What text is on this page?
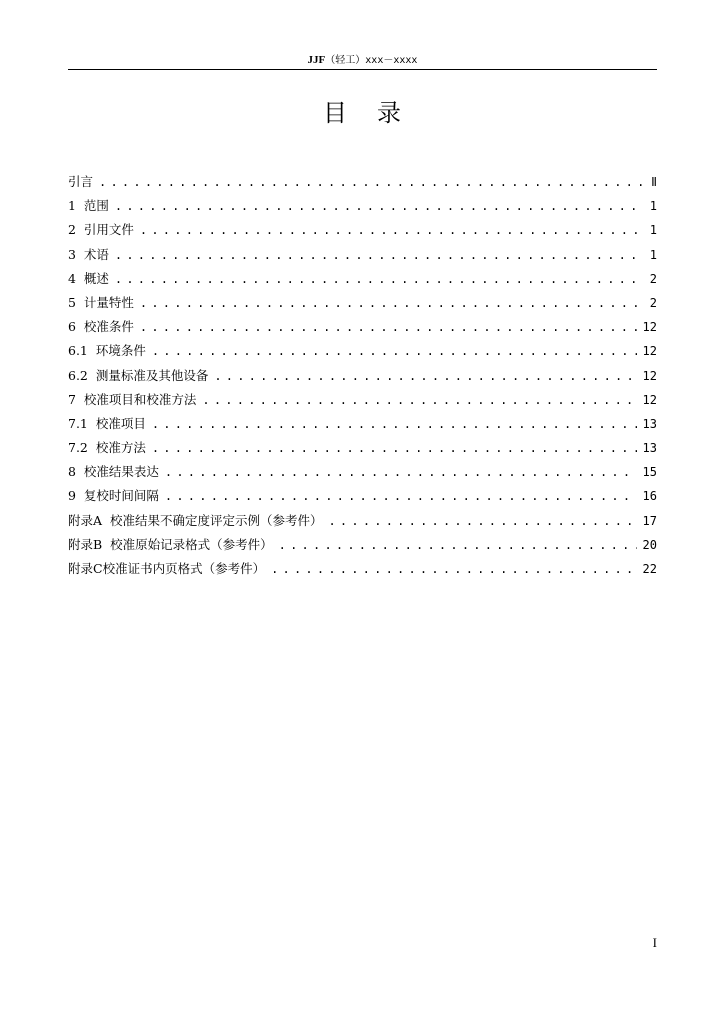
JJF（轻工）xxx－xxxx
目录
引言 . . .	Ⅱ
1  范围 . . .	1
2  引用文件 . . .	1
3  术语 . . .	1
4  概述 . . .	2
5  计量特性 . . .	2
6  校准条件 . . .	12
6.1  环境条件 . . .	12
6.2  测量标准及其他设备 . . .	12
7  校准项目和校准方法 . . .	12
7.1  校准项目 . . .	13
7.2  校准方法 . . .	13
8  校准结果表达 . . .	15
9  复校时间间隔 . . .	16
附录A  校准结果不确定度评定示例（参考件） . . .	17
附录B  校准原始记录格式（参考件） . . .	20
附录C校准证书内页格式（参考件） . . .	22
I
